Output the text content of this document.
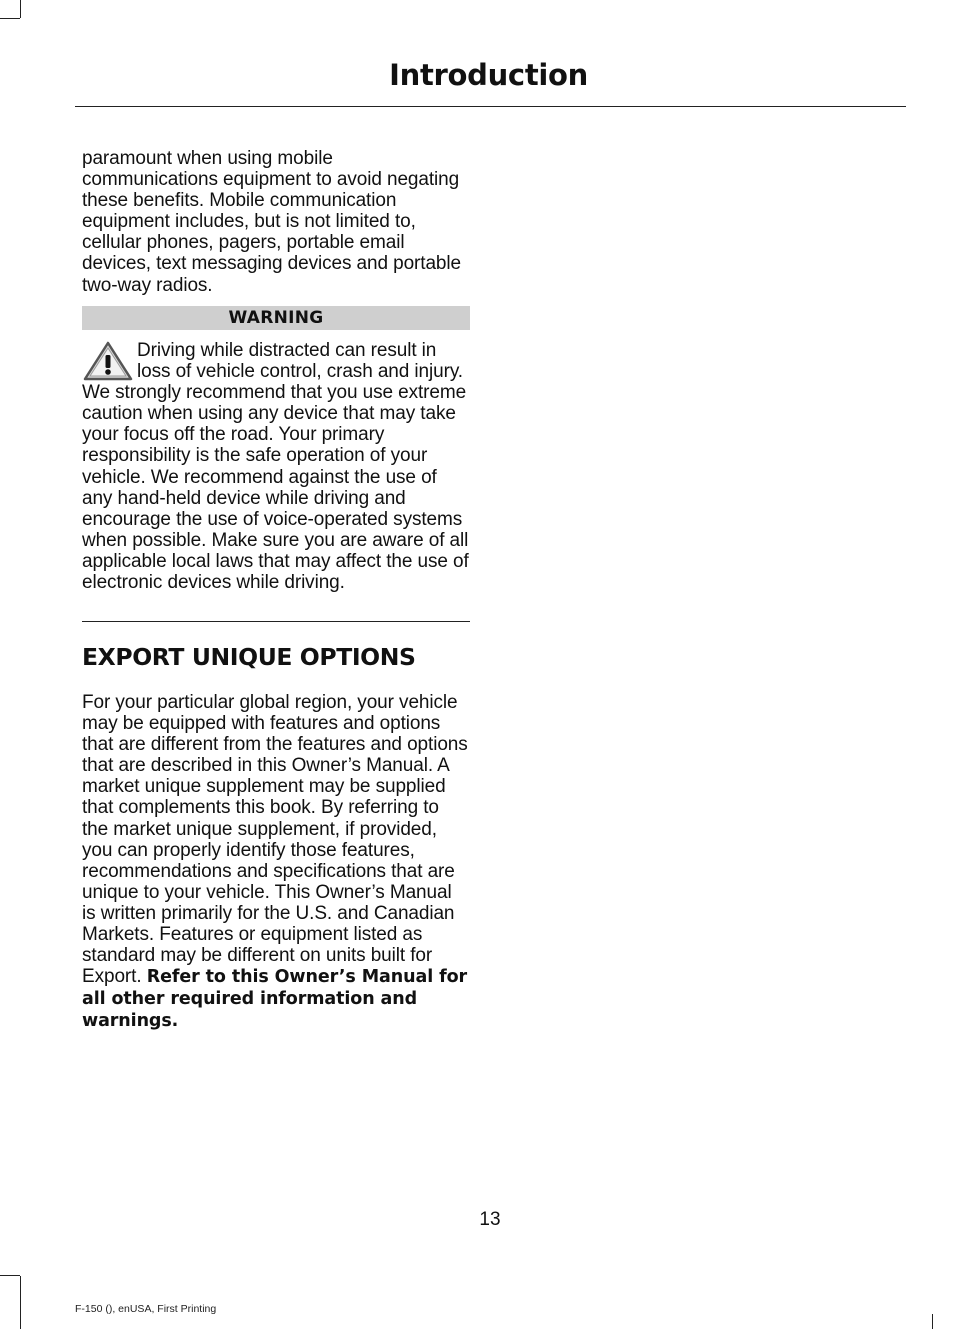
Introduction

paramount when using mobile communications equipment to avoid negating these benefits. Mobile communication equipment includes, but is not limited to, cellular phones, pagers, portable email devices, text messaging devices and portable two-way radios.

WARNING

Driving while distracted can result in loss of vehicle control, crash and injury. We strongly recommend that you use extreme caution when using any device that may take your focus off the road. Your primary responsibility is the safe operation of your vehicle. We recommend against the use of any hand-held device while driving and encourage the use of voice-operated systems when possible. Make sure you are aware of all applicable local laws that may affect the use of electronic devices while driving.

EXPORT UNIQUE OPTIONS

For your particular global region, your vehicle may be equipped with features and options that are different from the features and options that are described in this Owner’s Manual. A market unique supplement may be supplied that complements this book. By referring to the market unique supplement, if provided, you can properly identify those features, recommendations and specifications that are unique to your vehicle. This Owner’s Manual is written primarily for the U.S. and Canadian Markets. Features or equipment listed as standard may be different on units built for Export. Refer to this Owner’s Manual for all other required information and warnings.

13
F-150 (), enUSA, First Printing
